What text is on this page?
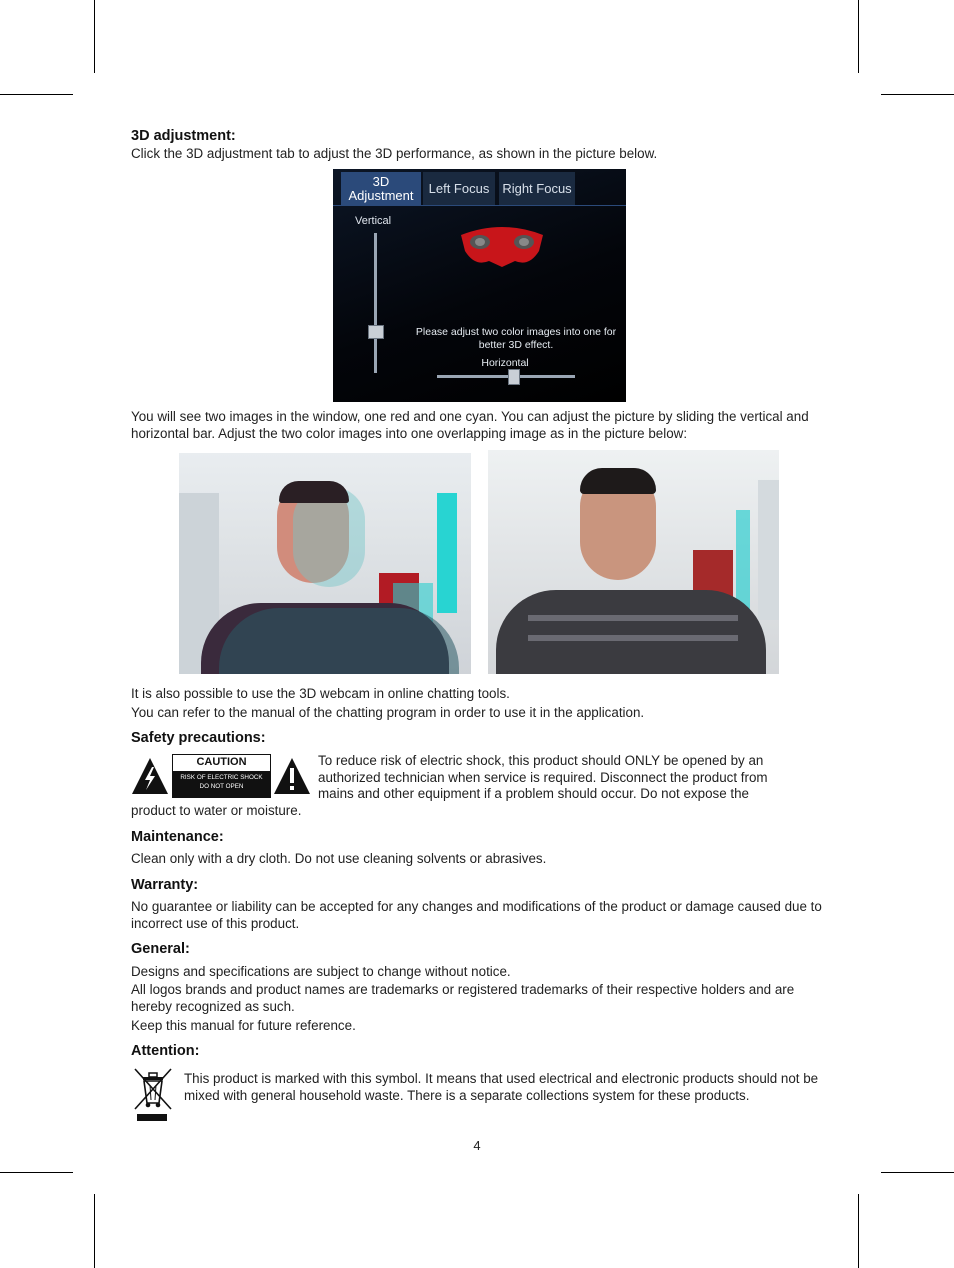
3D adjustment:
Click the 3D adjustment tab to adjust the 3D performance, as shown in the picture below.
3D
Adjustment	Left Focus Right Focus
Vertical
Please adjust two color images into one for better 3D effect.
Horizontal
You will see two images in the window, one red and one cyan. You can adjust the picture by sliding the vertical and horizontal bar. Adjust the two color images into one overlapping image as in the picture below:
It is also possible to use the 3D webcam in online chatting tools.
You can refer to the manual of the chatting program in order to use it in the application.
Safety precautions:
CAUTION
RISK OF ELECTRIC SHOCK
DO NOT OPEN
To reduce risk of electric shock, this product should ONLY be opened by an
authorized technician when service is required. Disconnect the product from
mains and other equipment if a problem should occur. Do not expose the
product to water or moisture.
Maintenance:
Clean only with a dry cloth. Do not use cleaning solvents or abrasives.
Warranty:
No guarantee or liability can be accepted for any changes and modifications of the product or damage caused due to incorrect use of this product.
General:
Designs and specifications are subject to change without notice.
All logos brands and product names are trademarks or registered trademarks of their respective holders and are hereby recognized as such.
Keep this manual for future reference.
Attention:
This product is marked with this symbol. It means that used electrical and electronic products should not be mixed with general household waste. There is a separate collections system for these products.
4
